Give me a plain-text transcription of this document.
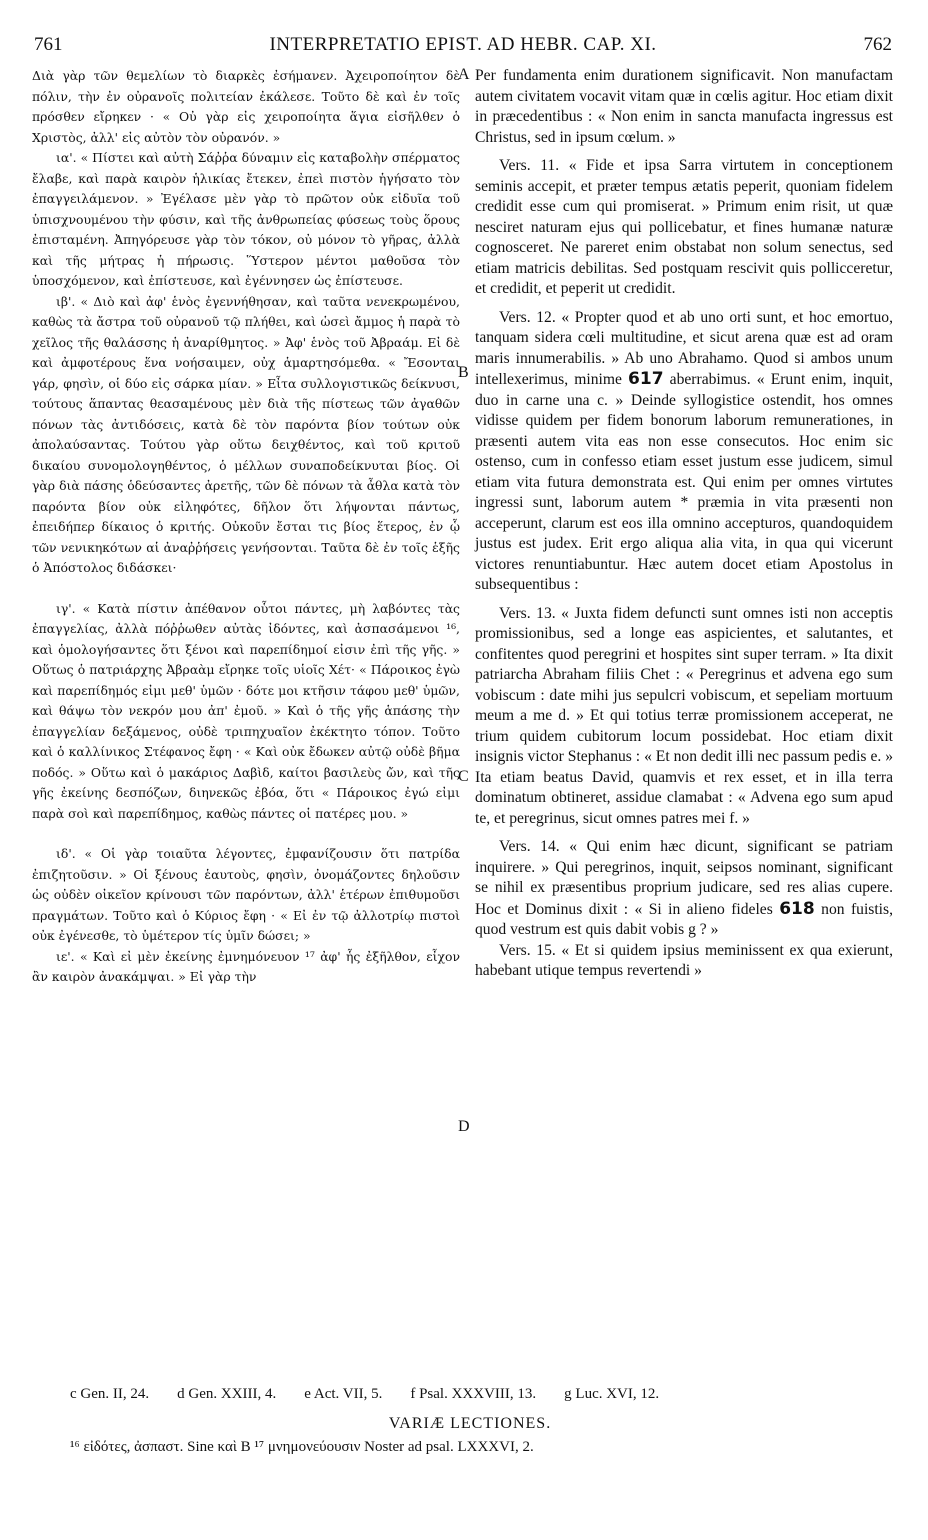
761	INTERPRETATIO EPIST. AD HEBR. CAP. XI.	762

Διὰ γὰρ τῶν θεμελίων τὸ διαρκὲς ἐσήμανεν. Ἀχειροποίητον δὲ πόλιν, τὴν ἐν οὐρανοῖς πολιτείαν ἐκάλεσε. Τοῦτο δὲ καὶ ἐν τοῖς πρόσθεν εἴρηκεν · « Οὐ γὰρ εἰς χειροποίητα ἅγια εἰσῆλθεν ὁ Χριστὸς, ἀλλ' εἰς αὐτὸν τὸν οὐρανόν. »

ια'. « Πίστει καὶ αὐτὴ Σάῤῥα δύναμιν εἰς καταβολὴν σπέρματος ἔλαβε, καὶ παρὰ καιρὸν ἡλικίας ἔτεκεν, ἐπεὶ πιστὸν ἡγήσατο τὸν ἐπαγγειλάμενον. » Ἐγέλασε μὲν γὰρ τὸ πρῶτον οὐκ εἰδυῖα τοῦ ὑπισχνουμένου τὴν φύσιν, καὶ τῆς ἀνθρωπείας φύσεως τοὺς ὅρους ἐπισταμένη. Ἀπηγόρευσε γὰρ τὸν τόκον, οὐ μόνον τὸ γῆρας, ἀλλὰ καὶ τῆς μήτρας ἡ πήρωσις. Ὕστερον μέντοι μαθοῦσα τὸν ὑποσχόμενον, καὶ ἐπίστευσε, καὶ ἐγέννησεν ὡς ἐπίστευσε.

ιβ'. « Διὸ καὶ ἀφ' ἑνὸς ἐγεννήθησαν, καὶ ταῦτα νενεκρωμένου, καθὼς τὰ ἄστρα τοῦ οὐρανοῦ τῷ πλήθει, καὶ ὡσεὶ ἄμμος ἡ παρὰ τὸ χεῖλος τῆς θαλάσσης ἡ ἀναρίθμητος. » Ἀφ' ἑνὸς τοῦ Ἀβραάμ. Εἰ δὲ καὶ ἀμφοτέρους ἕνα νοήσαιμεν, οὐχ ἁμαρτησόμεθα. « Ἔσονται γάρ, φησὶν, οἱ δύο εἰς σάρκα μίαν. » Εἶτα συλλογιστικῶς δείκνυσι, τούτους ἅπαντας θεασαμένους μὲν διὰ τῆς πίστεως τῶν ἀγαθῶν πόνων τὰς ἀντιδόσεις, κατὰ δὲ τὸν παρόντα βίον τούτων οὐκ ἀπολαύσαντας. Τούτου γὰρ οὕτω δειχθέντος, καὶ τοῦ κριτοῦ δικαίου συνομολογηθέντος, ὁ μέλλων συναποδείκνυται βίος. Οἱ γὰρ διὰ πάσης ὁδεύσαντες ἀρετῆς, τῶν δὲ πόνων τὰ ἆθλα κατὰ τὸν παρόντα βίον οὐκ εἰληφότες, δῆλον ὅτι λήψονται πάντως, ἐπειδήπερ δίκαιος ὁ κριτής. Οὐκοῦν ἔσται τις βίος ἕτερος, ἐν ᾧ τῶν νενικηκότων αἱ ἀναῤῥήσεις γενήσονται. Ταῦτα δὲ ἐν τοῖς ἑξῆς ὁ Ἀπόστολος διδάσκει·

ιγ'. « Κατὰ πίστιν ἀπέθανον οὗτοι πάντες, μὴ λαβόντες τὰς ἐπαγγελίας, ἀλλὰ πόῤῥωθεν αὐτὰς ἰδόντες, καὶ ἀσπασάμενοι ¹⁶, καὶ ὁμολογήσαντες ὅτι ξένοι καὶ παρεπίδημοί εἰσιν ἐπὶ τῆς γῆς. » Οὕτως ὁ πατριάρχης Ἀβραὰμ εἴρηκε τοῖς υἱοῖς Χέτ· « Πάροικος ἐγὼ καὶ παρεπίδημός εἰμι μεθ' ὑμῶν · δότε μοι κτῆσιν τάφου μεθ' ὑμῶν, καὶ θάψω τὸν νεκρόν μου ἀπ' ἐμοῦ. » Καὶ ὁ τῆς γῆς ἁπάσης τὴν ἐπαγγελίαν δεξάμενος, οὐδὲ τριπηχυαῖον ἐκέκτητο τόπον. Τοῦτο καὶ ὁ καλλίνικος Στέφανος ἔφη · « Καὶ οὐκ ἔδωκεν αὐτῷ οὐδὲ βῆμα ποδός. » Οὕτω καὶ ὁ μακάριος Δαβὶδ, καίτοι βασιλεὺς ὤν, καὶ τῆς γῆς ἐκείνης δεσπόζων, διηνεκῶς ἐβόα, ὅτι « Πάροικος ἐγώ εἰμι παρὰ σοὶ καὶ παρεπίδημος, καθὼς πάντες οἱ πατέρες μου. »

ιδ'. « Οἱ γὰρ τοιαῦτα λέγοντες, ἐμφανίζουσιν ὅτι πατρίδα ἐπιζητοῦσιν. » Οἱ ξένους ἑαυτοὺς, φησὶν, ὀνομάζοντες δηλοῦσιν ὡς οὐδὲν οἰκεῖον κρίνουσι τῶν παρόντων, ἀλλ' ἑτέρων ἐπιθυμοῦσι πραγμάτων. Τοῦτο καὶ ὁ Κύριος ἔφη · « Εἰ ἐν τῷ ἀλλοτρίῳ πιστοὶ οὐκ ἐγένεσθε, τὸ ὑμέτερον τίς ὑμῖν δώσει; »

ιε'. « Καὶ εἰ μὲν ἐκείνης ἐμνημόνευον ¹⁷ ἀφ' ἧς ἐξῆλθον, εἶχον ἂν καιρὸν ἀνακάμψαι. » Εἰ γὰρ τὴν

A
B
C
D

Per fundamenta enim durationem significavit. Non manufactam autem civitatem vocavit vitam quæ in cœlis agitur. Hoc etiam dixit in præcedentibus : « Non enim in sancta manufacta ingressus est Christus, sed in ipsum cœlum. »

Vers. 11. « Fide et ipsa Sarra virtutem in conceptionem seminis accepit, et præter tempus ætatis peperit, quoniam fidelem credidit esse cum qui promiserat. » Primum enim risit, ut quæ nesciret naturam ejus qui pollicebatur, et fines humanæ naturæ cognosceret. Ne pareret enim obstabat non solum senectus, sed etiam matricis debilitas. Sed postquam rescivit quis pollicceretur, et credidit, et peperit ut credidit.

Vers. 12. « Propter quod et ab uno orti sunt, et hoc emortuo, tanquam sidera cœli multitudine, et sicut arena quæ est ad oram maris innumerabilis. » Ab uno Abrahamo. Quod si ambos unum intellexerimus, minime 617 aberrabimus. « Erunt enim, inquit, duo in carne una c. » Deinde syllogistice ostendit, hos omnes vidisse quidem per fidem bonorum laborum remunerationes, in præsenti autem vita eas non esse consecutos. Hoc enim sic ostenso, cum in confesso etiam esset justum esse judicem, simul etiam vita futura demonstrata est. Qui enim per omnes virtutes ingressi sunt, laborum autem * præmia in vita præsenti non acceperunt, clarum est eos illa omnino accepturos, quandoquidem justus est judex. Erit ergo aliqua alia vita, in qua qui vicerunt victores renuntiabuntur. Hæc autem docet etiam Apostolus in subsequentibus :

Vers. 13. « Juxta fidem defuncti sunt omnes isti non acceptis promissionibus, sed a longe eas aspicientes, et salutantes, et confitentes quod peregrini et hospites sint super terram. » Ita dixit patriarcha Abraham filiis Chet : « Peregrinus et advena ego sum vobiscum : date mihi jus sepulcri vobiscum, et sepeliam mortuum meum a me d. » Et qui totius terræ promissionem acceperat, ne trium quidem cubitorum locum possidebat. Hoc etiam dixit insignis victor Stephanus : « Et non dedit illi nec passum pedis e. » Ita etiam beatus David, quamvis et rex esset, et in illa terra dominatum obtineret, assidue clamabat : « Advena ego sum apud te, et peregrinus, sicut omnes patres mei f. »

Vers. 14. « Qui enim hæc dicunt, significant se patriam inquirere. » Qui peregrinos, inquit, seipsos nominant, significant se nihil ex præsentibus proprium judicare, sed res alias cupere. Hoc et Dominus dixit : « Si in alieno fideles 618 non fuistis, quod vestrum est quis dabit vobis g ? »

Vers. 15. « Et si quidem ipsius meminissent ex qua exierunt, habebant utique tempus revertendi »

c Gen. II, 24. d Gen. XXIII, 4. e Act. VII, 5. f Psal. XXXVIII, 13. g Luc. XVI, 12.
VARIÆ LECTIONES.
¹⁶ εἰδότες, ἀσπαστ. Sine καὶ B ¹⁷ μνημονεύουσιν Noster ad psal. LXXXVI, 2.
